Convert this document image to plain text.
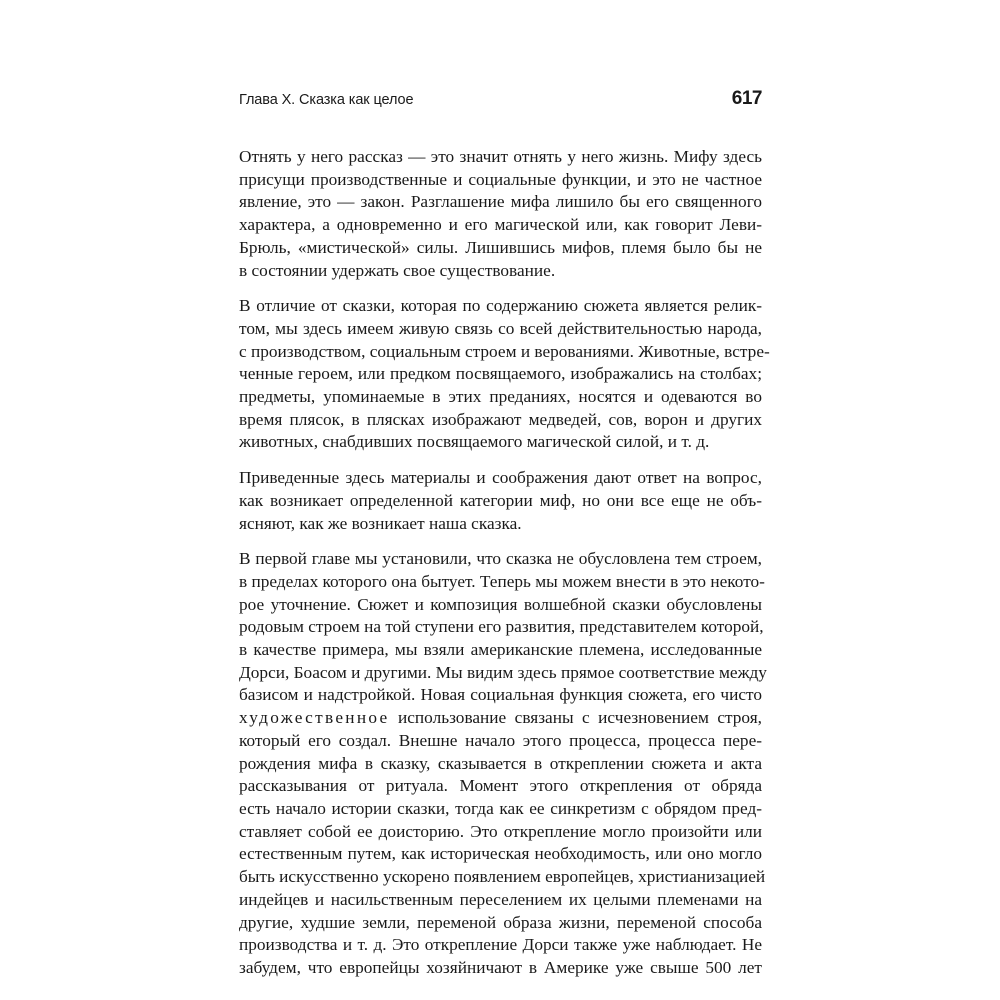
Глава X. Сказка как целое	617
Отнять у него рассказ — это значит отнять у него жизнь. Мифу здесь
присущи производственные и социальные функции, и это не частное
явление, это — закон. Разглашение мифа лишило бы его священного
характера, а одновременно и его магической или, как говорит Леви-
Брюль, «мистической» силы. Лишившись мифов, племя было бы не
в состоянии удержать свое существование.
В отличие от сказки, которая по содержанию сюжета является релик-
том, мы здесь имеем живую связь со всей действительностью народа,
с производством, социальным строем и верованиями. Животные, встре-
ченные героем, или предком посвящаемого, изображались на столбах;
предметы, упоминаемые в этих преданиях, носятся и одеваются во
время плясок, в плясках изображают медведей, сов, ворон и других
животных, снабдивших посвящаемого магической силой, и т. д.
Приведенные здесь материалы и соображения дают ответ на вопрос,
как возникает определенной категории миф, но они все еще не объ-
ясняют, как же возникает наша сказка.
В первой главе мы установили, что сказка не обусловлена тем строем,
в пределах которого она бытует. Теперь мы можем внести в это некото-
рое уточнение. Сюжет и композиция волшебной сказки обусловлены
родовым строем на той ступени его развития, представителем которой,
в качестве примера, мы взяли американские племена, исследованные
Дорси, Боасом и другими. Мы видим здесь прямое соответствие между
базисом и надстройкой. Новая социальная функция сюжета, его чисто
художественное использование связаны с исчезновением строя,
который его создал. Внешне начало этого процесса, процесса пере-
рождения мифа в сказку, сказывается в откреплении сюжета и акта
рассказывания от ритуала. Момент этого открепления от обряда
есть начало истории сказки, тогда как ее синкретизм с обрядом пред-
ставляет собой ее доисторию. Это открепление могло произойти или
естественным путем, как историческая необходимость, или оно могло
быть искусственно ускорено появлением европейцев, христианизацией
индейцев и насильственным переселением их целыми племенами на
другие, худшие земли, переменой образа жизни, переменой способа
производства и т. д. Это открепление Дорси также уже наблюдает. Не
забудем, что европейцы хозяйничают в Америке уже свыше 500 лет
